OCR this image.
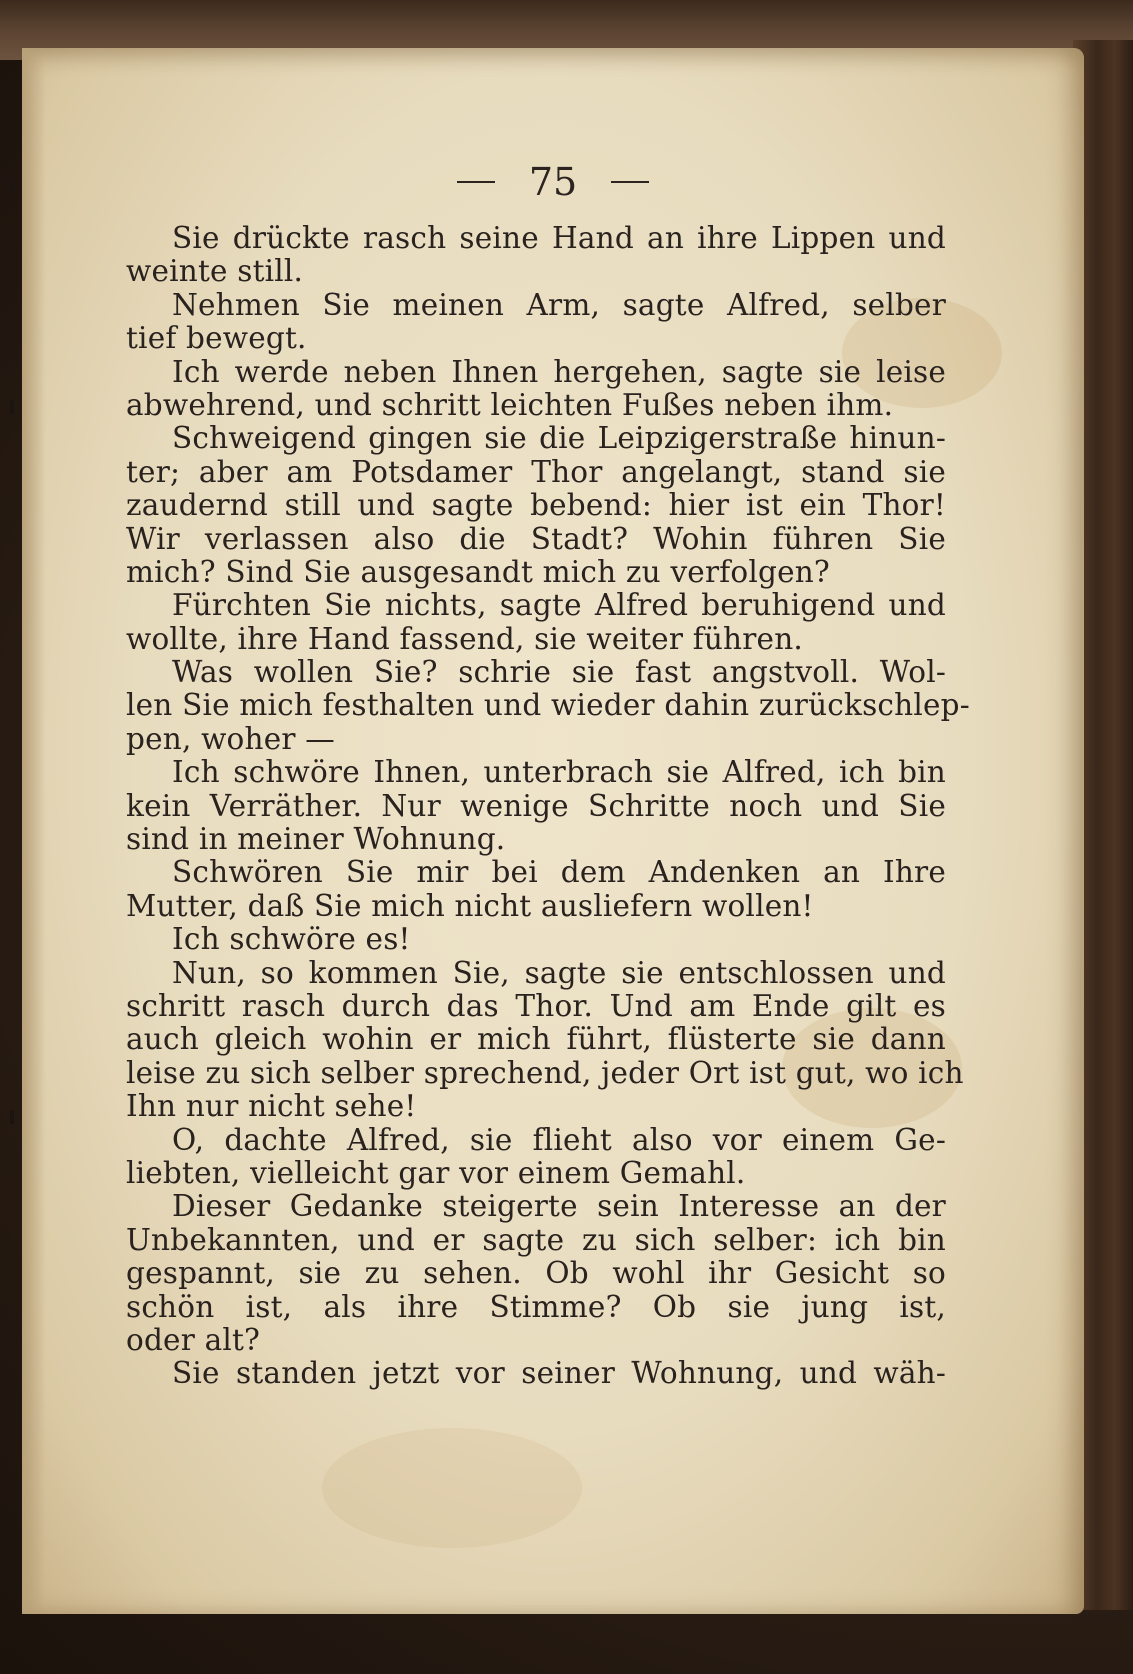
75
Sie drückte rasch seine Hand an ihre Lippen und
weinte still.
Nehmen Sie meinen Arm, sagte Alfred, selber
tief bewegt.
Ich werde neben Ihnen hergehen, sagte sie leise
abwehrend, und schritt leichten Fußes neben ihm.
Schweigend gingen sie die Leipzigerstraße hinun-
ter; aber am Potsdamer Thor angelangt, stand sie
zaudernd still und sagte bebend: hier ist ein Thor!
Wir verlassen also die Stadt? Wohin führen Sie
mich? Sind Sie ausgesandt mich zu verfolgen?
Fürchten Sie nichts, sagte Alfred beruhigend und
wollte, ihre Hand fassend, sie weiter führen.
Was wollen Sie? schrie sie fast angstvoll. Wol-
len Sie mich festhalten und wieder dahin zurückschlep-
pen, woher —
Ich schwöre Ihnen, unterbrach sie Alfred, ich bin
kein Verräther. Nur wenige Schritte noch und Sie
sind in meiner Wohnung.
Schwören Sie mir bei dem Andenken an Ihre
Mutter, daß Sie mich nicht ausliefern wollen!
Ich schwöre es!
Nun, so kommen Sie, sagte sie entschlossen und
schritt rasch durch das Thor. Und am Ende gilt es
auch gleich wohin er mich führt, flüsterte sie dann
leise zu sich selber sprechend, jeder Ort ist gut, wo ich
Ihn nur nicht sehe!
O, dachte Alfred, sie flieht also vor einem Ge-
liebten, vielleicht gar vor einem Gemahl.
Dieser Gedanke steigerte sein Interesse an der
Unbekannten, und er sagte zu sich selber: ich bin
gespannt, sie zu sehen. Ob wohl ihr Gesicht so
schön ist, als ihre Stimme? Ob sie jung ist,
oder alt?
Sie standen jetzt vor seiner Wohnung, und wäh-
